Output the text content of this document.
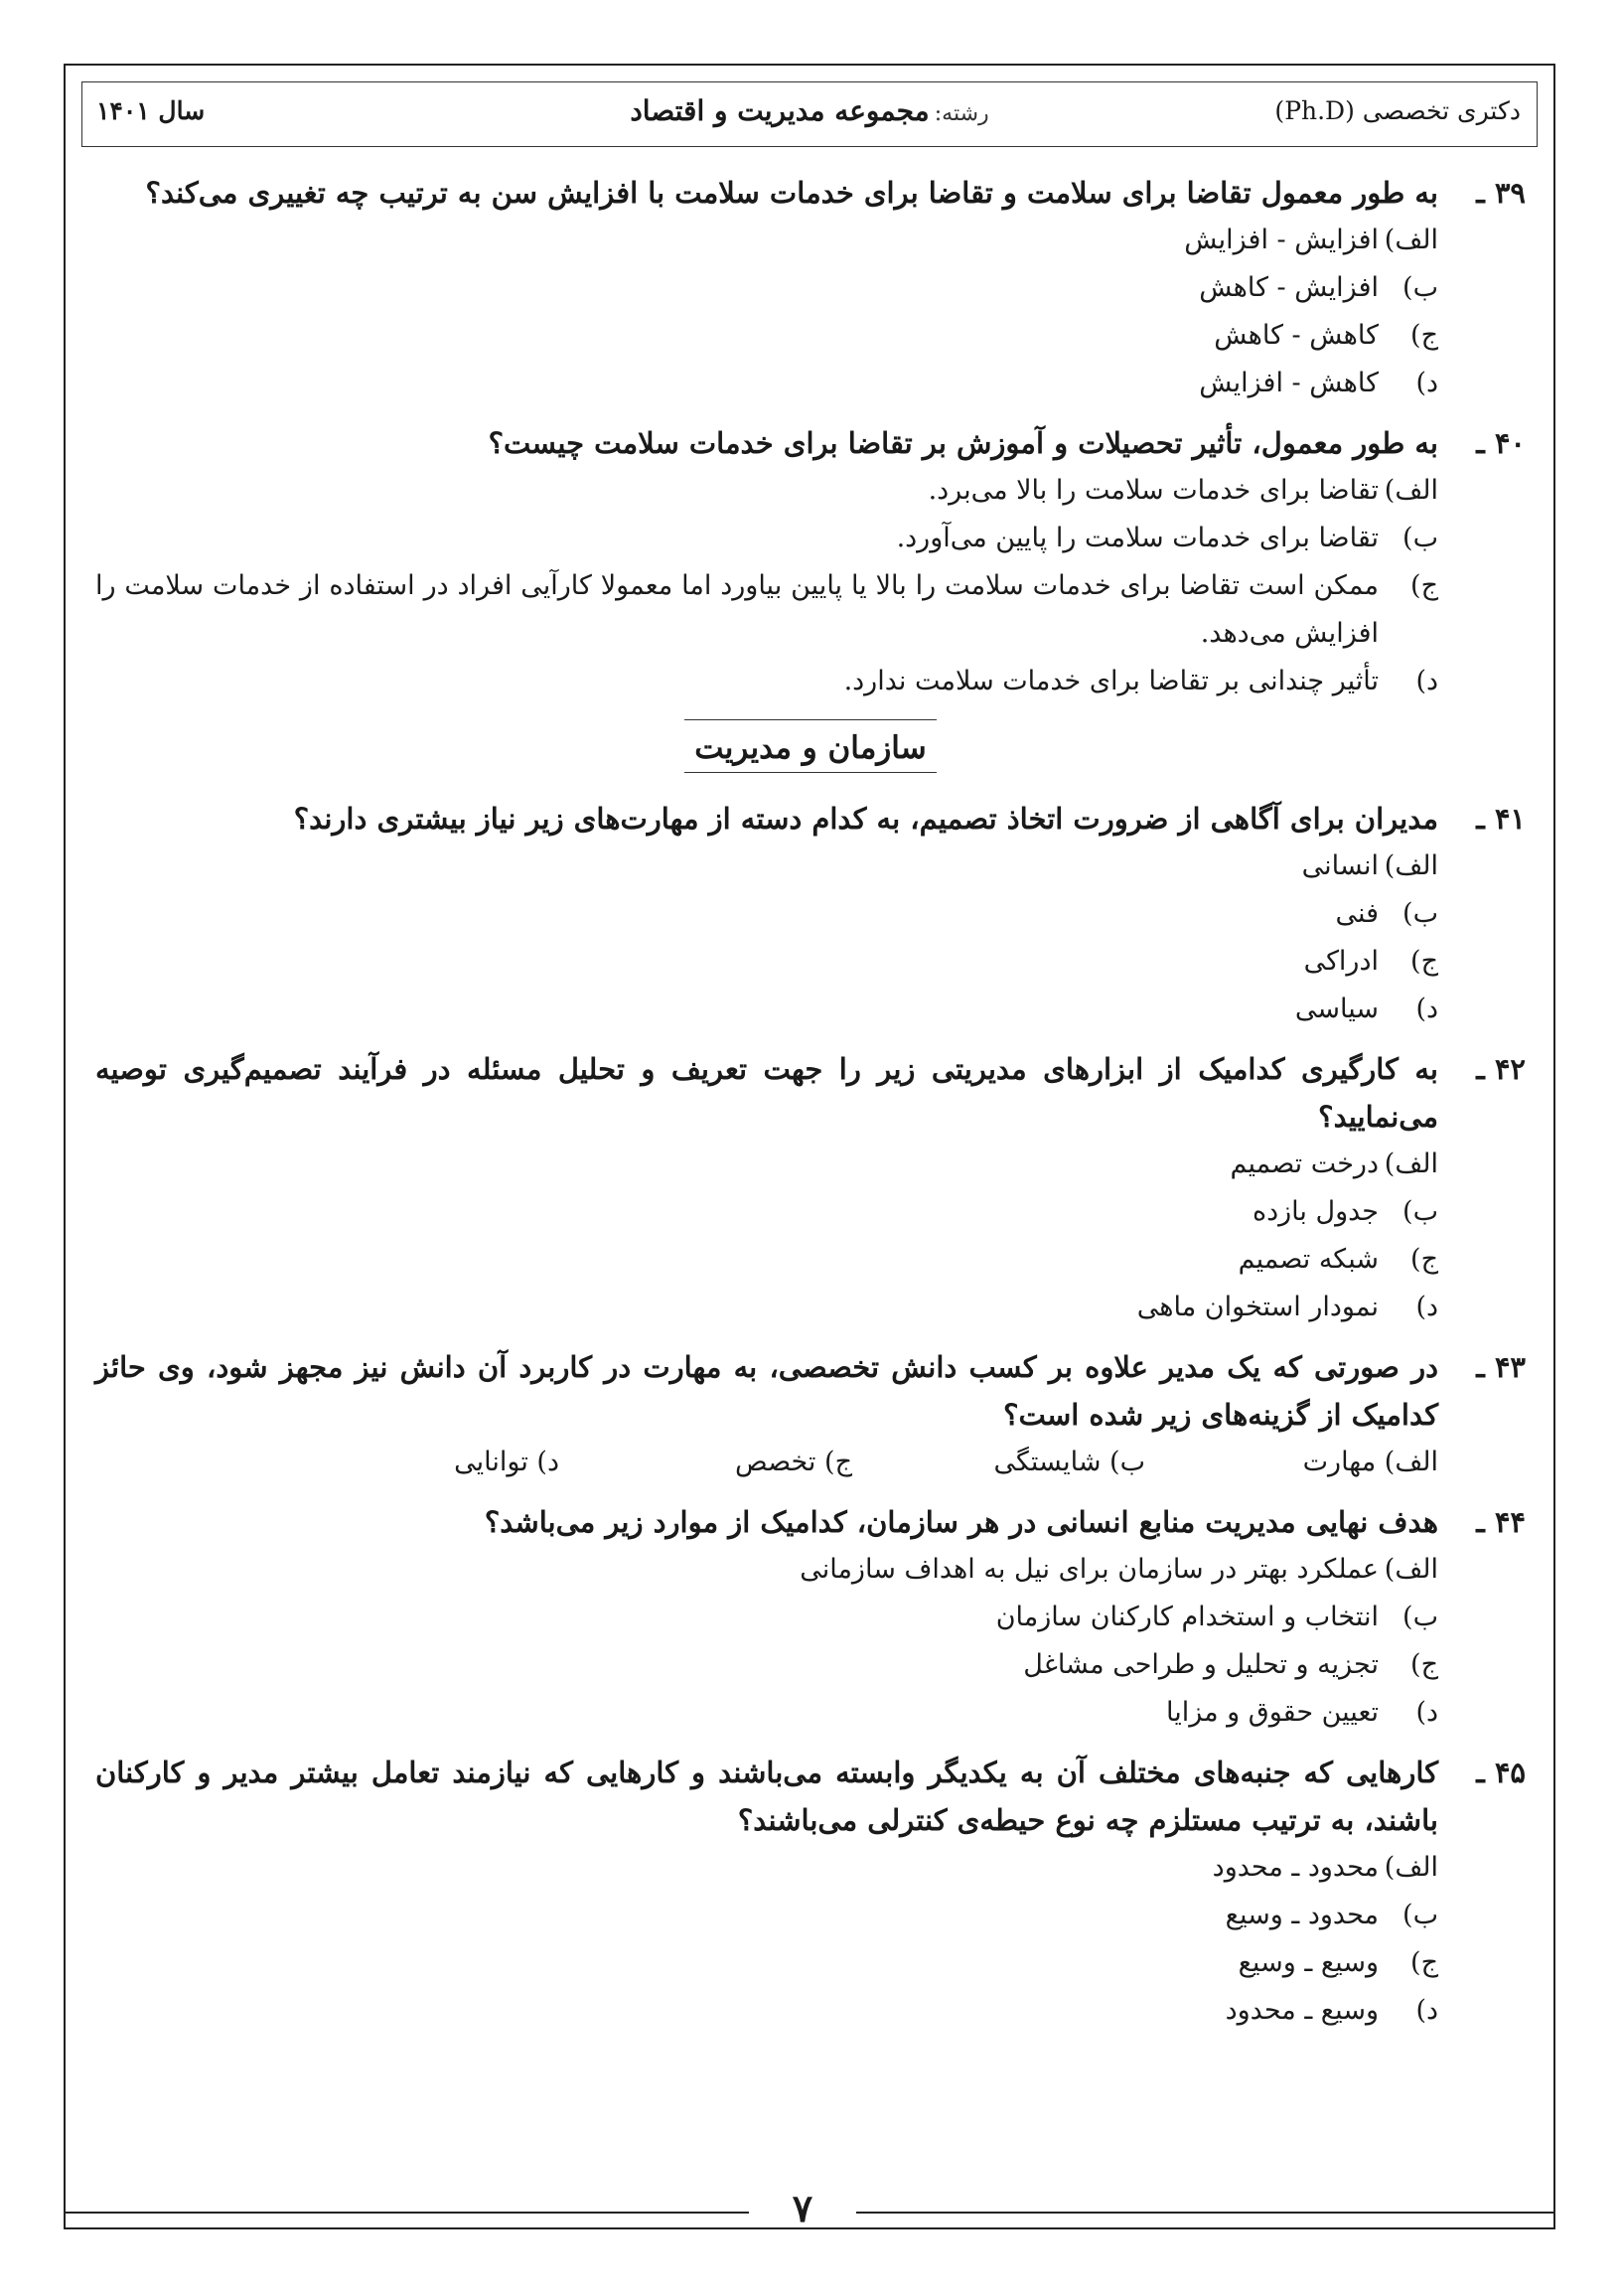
سال ۱۴۰۱	رشته: مجموعه مدیریت و اقتصاد	دکتری تخصصی (Ph.D)
۳۹ ـ
به طور معمول تقاضا برای سلامت و تقاضا برای خدمات سلامت با افزایش سن به ترتیب چه تغییری می‌کند؟
الف)
افزایش - افزایش
ب)
افزایش - کاهش
ج)
کاهش - کاهش
د)
کاهش - افزایش
۴۰ ـ
به طور معمول، تأثیر تحصیلات و آموزش بر تقاضا برای خدمات سلامت چیست؟
الف)
تقاضا برای خدمات سلامت را بالا می‌برد.
ب)
تقاضا برای خدمات سلامت را پایین می‌آورد.
ج)
ممکن است تقاضا برای خدمات سلامت را بالا یا پایین بیاورد اما معمولا کارآیی افراد در استفاده از خدمات سلامت را افزایش می‌دهد.
د)
تأثیر چندانی بر تقاضا برای خدمات سلامت ندارد.
سازمان و مدیریت
۴۱ ـ
مدیران برای آگاهی از ضرورت اتخاذ تصمیم، به کدام دسته از مهارت‌های زیر نیاز بیشتری دارند؟
الف)
انسانی
ب)
فنی
ج)
ادراکی
د)
سیاسی
۴۲ ـ
به کارگیری کدامیک از ابزارهای مدیریتی زیر را جهت تعریف و تحلیل مسئله در فرآیند تصمیم‌گیری توصیه می‌نمایید؟
الف)
درخت تصمیم
ب)
جدول بازده
ج)
شبکه تصمیم
د)
نمودار استخوان ماهی
۴۳ ـ
در صورتی که یک مدیر علاوه بر کسب دانش تخصصی، به مهارت در کاربرد آن دانش نیز مجهز شود، وی حائز کدامیک از گزینه‌های زیر شده است؟
الف) مهارت
ب) شایستگی
ج) تخصص
د) توانایی
۴۴ ـ
هدف نهایی مدیریت منابع انسانی در هر سازمان، کدامیک از موارد زیر می‌باشد؟
الف)
عملکرد بهتر در سازمان برای نیل به اهداف سازمانی
ب)
انتخاب و استخدام کارکنان سازمان
ج)
تجزیه و تحلیل و طراحی مشاغل
د)
تعیین حقوق و مزایا
۴۵ ـ
کارهایی که جنبه‌های مختلف آن به یکدیگر وابسته می‌باشند و کارهایی که نیازمند تعامل بیشتر مدیر و کارکنان باشند، به ترتیب مستلزم چه نوع حیطه‌ی کنترلی می‌باشند؟
الف)
محدود ـ محدود
ب)
محدود ـ وسیع
ج)
وسیع ـ وسیع
د)
وسیع ـ محدود
۷
